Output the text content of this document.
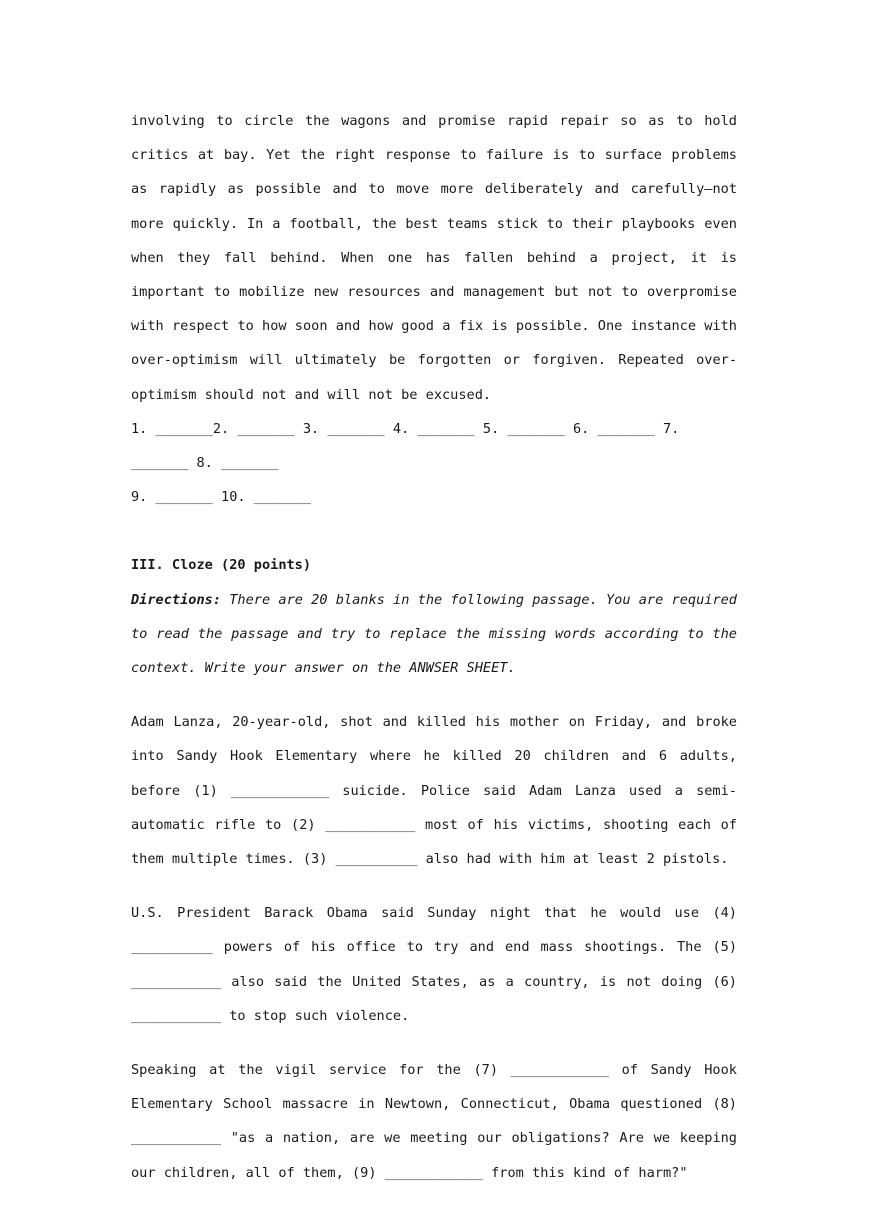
involving to circle the wagons and promise rapid repair so as to hold critics at bay. Yet the right response to failure is to surface problems as rapidly as possible and to move more deliberately and carefully—not more quickly. In a football, the best teams stick to their playbooks even when they fall behind. When one has fallen behind a project, it is important to mobilize new resources and management but not to overpromise with respect to how soon and how good a fix is possible. One instance with over-optimism will ultimately be forgotten or forgiven. Repeated over-optimism should not and will not be excused.

1. _______2. _______ 3. _______ 4. _______ 5. _______ 6. _______ 7. _______ 8. _______
9. _______ 10. _______
III. Cloze (20 points)

Directions: There are 20 blanks in the following passage. You are required to read the passage and try to replace the missing words according to the context. Write your answer on the ANWSER SHEET.

Adam Lanza, 20-year-old, shot and killed his mother on Friday, and broke into Sandy Hook Elementary where he killed 20 children and 6 adults, before (1) ____________ suicide. Police said Adam Lanza used a semi-automatic rifle to (2) ___________ most of his victims, shooting each of them multiple times. (3) __________ also had with him at least 2 pistols.

U.S. President Barack Obama said Sunday night that he would use (4) __________ powers of his office to try and end mass shootings. The (5) ___________ also said the United States, as a country, is not doing (6) ___________ to stop such violence.

Speaking at the vigil service for the (7) ____________ of Sandy Hook Elementary School massacre in Newtown, Connecticut, Obama questioned (8) ___________ "as a nation, are we meeting our obligations? Are we keeping our children, all of them, (9) ____________ from this kind of harm?"
